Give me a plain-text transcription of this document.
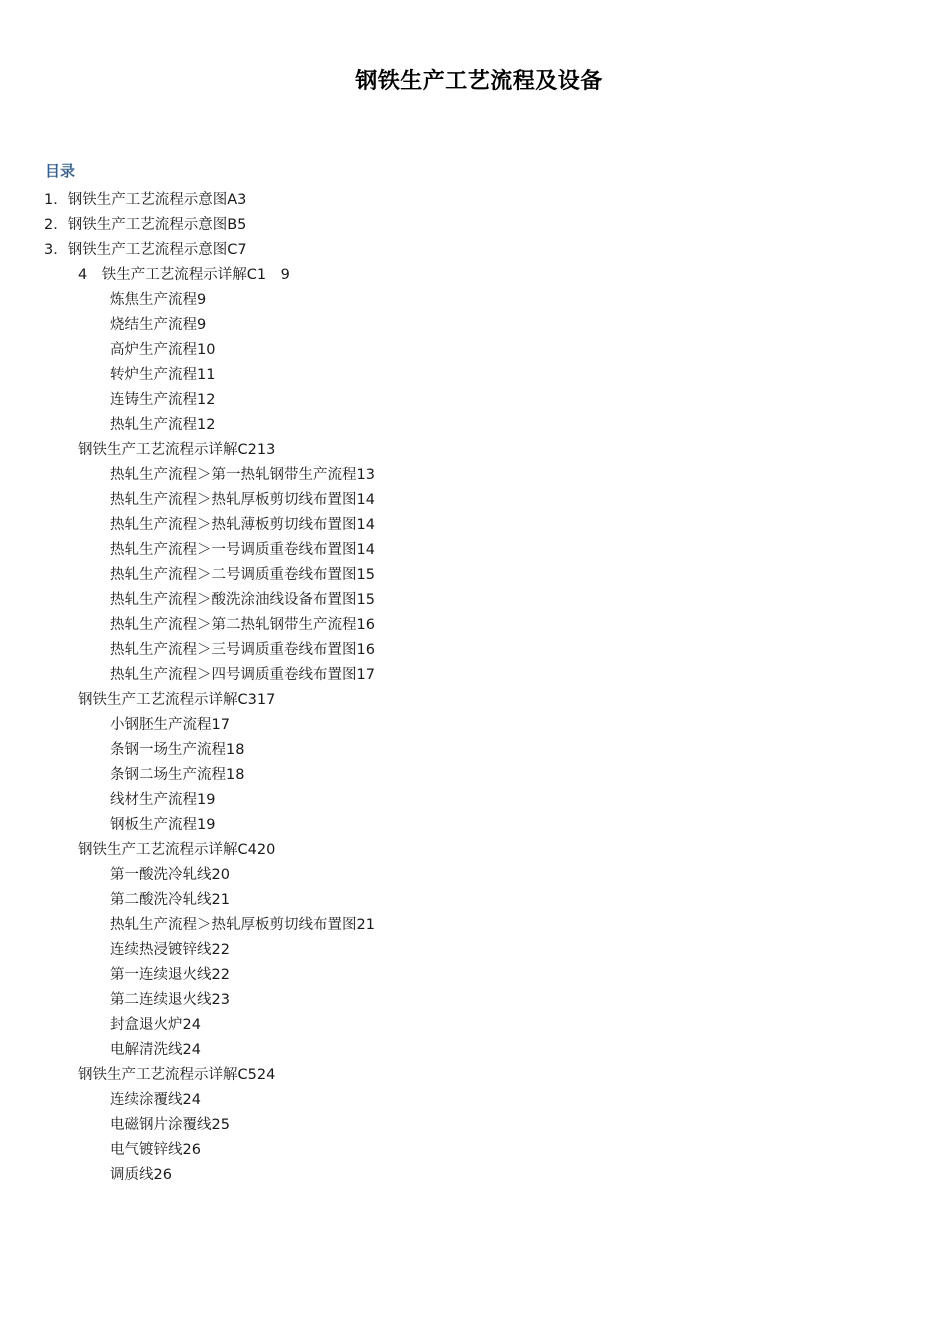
钢铁生产工艺流程及设备
目录
1．钢铁生产工艺流程示意图A3
2．钢铁生产工艺流程示意图B5
3．钢铁生产工艺流程示意图C7
4　铁生产工艺流程示详解C1　9
炼焦生产流程9
烧结生产流程9
高炉生产流程10
转炉生产流程11
连铸生产流程12
热轧生产流程12
钢铁生产工艺流程示详解C213
热轧生产流程＞第一热轧钢带生产流程13
热轧生产流程＞热轧厚板剪切线布置图14
热轧生产流程＞热轧薄板剪切线布置图14
热轧生产流程＞一号调质重卷线布置图14
热轧生产流程＞二号调质重卷线布置图15
热轧生产流程＞酸洗涂油线设备布置图15
热轧生产流程＞第二热轧钢带生产流程16
热轧生产流程＞三号调质重卷线布置图16
热轧生产流程＞四号调质重卷线布置图17
钢铁生产工艺流程示详解C317
小钢胚生产流程17
条钢一场生产流程18
条钢二场生产流程18
线材生产流程19
钢板生产流程19
钢铁生产工艺流程示详解C420
第一酸洗冷轧线20
第二酸洗冷轧线21
热轧生产流程＞热轧厚板剪切线布置图21
连续热浸镀锌线22
第一连续退火线22
第二连续退火线23
封盒退火炉24
电解清洗线24
钢铁生产工艺流程示详解C524
连续涂覆线24
电磁钢片涂覆线25
电气镀锌线26
调质线26
